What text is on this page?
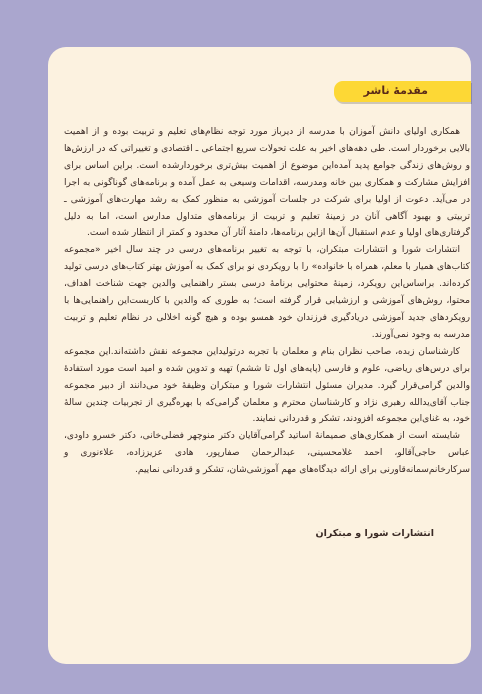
مقدمهٔ ناشر

همکاری اولیای دانش آموزان با مدرسه از دیرباز مورد توجه نظام‌های تعلیم و تربیت بوده و از اهمیت بالایی برخوردار است. طی دهه‌های اخیر به علت تحولات سریع اجتماعی ـ اقتصادی و تغییراتی که در ارزش‌ها و روش‌های زندگی جوامع پدید آمده‌این موضوع از اهمیت بیش‌تری برخوردارشده است. براین اساس برای افزایش مشارکت و همکاری بین خانه ومدرسه، اقدامات وسیعی به عمل آمده و برنامه‌های گوناگونی به اجرا در می‌آید. دعوت از اولیا برای شرکت در جلسات آموزشی به منظور کمک به رشد مهارت‌های آموزشی ـ تربیتی و بهبود آگاهی آنان در زمینهٔ تعلیم و تربیت از برنامه‌های متداول مدارس است، اما به دلیل گرفتاری‌های اولیا و عدم استقبال آن‌ها ازاین برنامه‌ها، دامنهٔ آثار آن محدود و کمتر از انتظار شده است.

انتشارات شورا و انتشارات مبتکران، با توجه به تغییر برنامه‌های درسی در چند سال اخیر «مجموعه کتاب‌های همیار با معلم، همراه با خانواده» را با رویکردی نو برای کمک به آموزش بهتر کتاب‌های درسی تولید کرده‌اند. براساس‌این رویکرد، زمینهٔ محتوایی برنامهٔ درسی بستر راهنمایی والدین جهت شناخت اهداف، محتوا، روش‌های آموزشی و ارزشیابی قرار گرفته است؛ به طوری که والدین با کاربست‌این راهنمایی‌ها با رویکردهای جدید آموزشی دریادگیری فرزندان خود همسو بوده و هیچ گونه اخلالی در نظام تعلیم و تربیت مدرسه به وجود نمی‌آورند.

کارشناسان زبده، صاحب نظران بنام و معلمان با تجربه درتولیداین مجموعه نقش داشته‌اند.این مجموعه برای درس‌های ریاضی، علوم و فارسی (پایه‌های اول تا ششم) تهیه و تدوین شده و امید است مورد استفادهٔ والدین گرامی‌قرار گیرد. مدیران مسئول انتشارات شورا و مبتکران وظیفهٔ خود می‌دانند از دبیر مجموعه جناب آقای‌یدالله رهبری نژاد و کارشناسان محترم و معلمان گرامی‌که با بهره‌گیری از تجربیات چندین سالهٔ خود، به غنای‌این مجموعه افزودند، تشکر و قدردانی نمایند.

شایسته است از همکاری‌های صمیمانهٔ اساتید گرامی‌آقایان دکتر منوچهر فضلی‌خانی، دکتر خسرو داودی، عباس حاجی‌آقالو، احمد غلامحسینی، عبدالرحمان صفارپور، هادی عزیززاده، علاءنوری و سرکارخانم‌سمانه‌قاورنی برای ارائه دیدگاه‌های مهم آموزشی‌شان، تشکر و قدردانی نماییم.

انتشارات شورا و مبتکران
